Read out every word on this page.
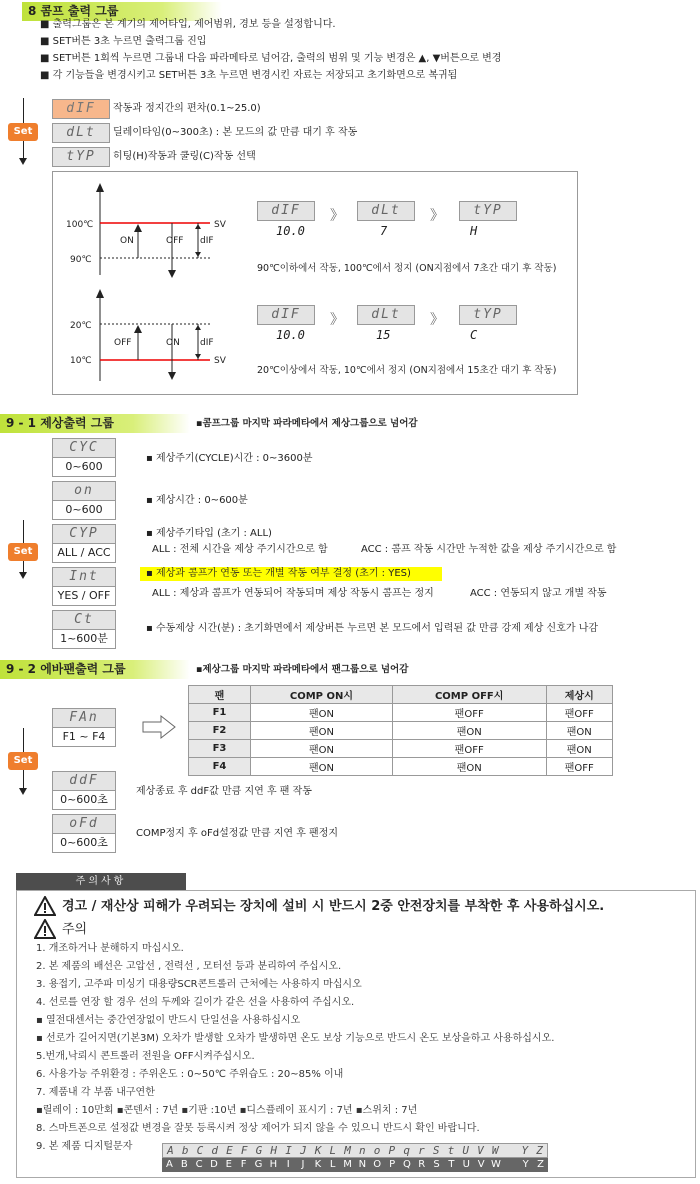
8 콤프 출력 그룹
■ 출력그룹은 본 계기의 제어타입, 제어범위, 경보 등을 설정합니다.
■ SET버튼 3초 누르면 출력그룹 진입
■ SET버튼 1회씩 누르면 그룹내 다음 파라메타로 넘어감, 출력의 범위 및 기능 변경은 ▲, ▼버튼으로 변경
■ 각 기능들을 변경시키고 SET버튼 3초 누르면 변경시킨 자료는 저장되고 초기화면으로 복귀됨
Set
dIF	작동과 정지간의 편차(0.1~25.0)
dLt	딜레이타임(0~300초) : 본 모드의 값 만큼 대기 후 작동
tYP	히팅(H)작동과 쿨링(C)작동 선택
100℃
90℃
SV
ON	OFF dIF
20℃
10℃	SV
OFF	ON dIF
dIF
10.0
》	dLt
7
》	tYP
H
90℃이하에서 작동, 100℃에서 정지 (ON지점에서 7초간 대기 후 작동)
dIF
10.0
》	dLt
15
》	tYP
C
20℃이상에서 작동, 10℃에서 정지 (ON지점에서 15초간 대기 후 작동)
9 - 1 제상출력 그룹	▪콤프그룹 마지막 파라메타에서 제상그룹으로 넘어감
Set
CYC
0~600
▪ 제상주기(CYCLE)시간 : 0~3600분
on
0~600
▪ 제상시간 : 0~600분
CYP
ALL / ACC
▪ 제상주기타입 (초기 : ALL)
ALL : 전체 시간을 제상 주기시간으로 함	ACC : 콤프 작동 시간만 누적한 값을 제상 주기시간으로 함
Int
YES / OFF
▪ 제상과 콤프가 연동 또는 개별 작동 여부 결정 (초기 : YES)
ALL : 제상과 콤프가 연동되어 작동되며 제상 작동시 콤프는 정지	ACC : 연동되지 않고 개별 작동
Ct
1~600분
▪ 수동제상 시간(분) : 초기화면에서 제상버튼 누르면 본 모드에서 입력된 값 만큼 강제 제상 신호가 나감
9 - 2 에바팬출력 그룹	▪제상그룹 마지막 파라메타에서 팬그룹으로 넘어감
Set
FAn
F1 ~ F4
팬	COMP ON시	COMP OFF시	제상시
F1	팬ON	팬OFF	팬OFF
F2	팬ON	팬ON	팬ON
F3	팬ON	팬OFF	팬ON
F4	팬ON	팬ON	팬OFF
ddF
0~600초
제상종료 후 ddF값 만큼 지연 후 팬 작동
oFd
0~600초
COMP정지 후 oFd설정값 만큼 지연 후 팬정지
주의사항
경고 / 재산상 피해가 우려되는 장치에 설비 시 반드시 2중 안전장치를 부착한 후 사용하십시오.
주의
1. 개조하거나 분해하지 마십시오.
2. 본 제품의 배선은 고압선 , 전력선 , 모터선 등과 분리하여 주십시오.
3. 용접기, 고주파 미싱기 대용량SCR콘트롤러 근처에는 사용하지 마십시오
4. 선로를 연장 할 경우 선의 두께와 길이가 같은 선을 사용하여 주십시오.
▪ 열전대센서는 중간연장없이 반드시 단일선을 사용하십시오
▪ 선로가 길어지면(기본3M) 오차가 발생할 오차가 발생하면 온도 보상 기능으로 반드시 온도 보상을하고 사용하십시오.
5.번개,낙뢰시 콘트롤러 전원을 OFF시켜주십시오.
6. 사용가능 주위환경 : 주위온도 : 0~50℃ 주위습도 : 20~85% 이내
7. 제품내 각 부품 내구연한
▪릴레이 : 10만회 ▪콘덴서 : 7년 ▪기판 :10년 ▪디스플레이 표시기 : 7년 ▪스위치 : 7년
8. 스마트폰으로 설정값 변경을 잘못 등록시켜 정상 제어가 되지 않을 수 있으니 반드시 확인 바랍니다.
9. 본 제품 디지털문자	A b C d E F G H I J K L M n o P q r S t U V W	Y Z
A B C D E F G H I	J	K L M N O P Q R S T U V W	Y Z
